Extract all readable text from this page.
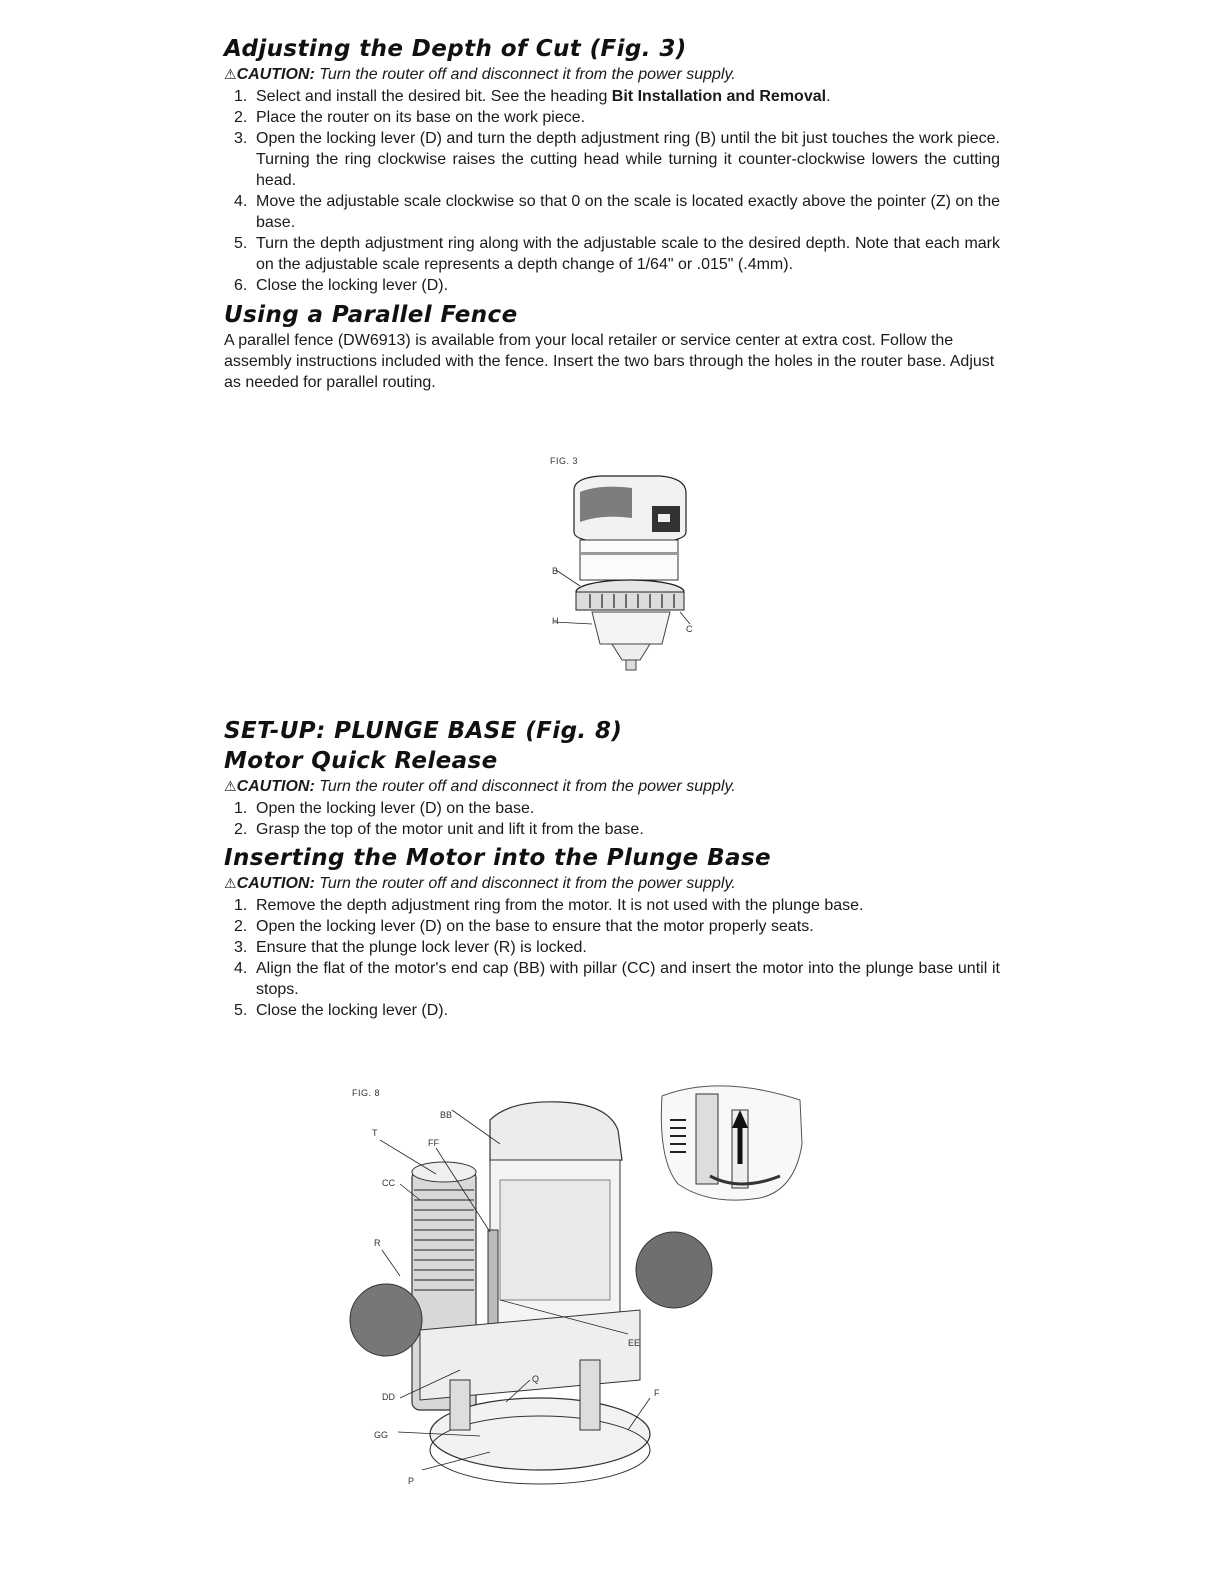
Adjusting the Depth of Cut (Fig. 3)
⚠CAUTION: Turn the router off and disconnect it from the power supply.
1. Select and install the desired bit. See the heading Bit Installation and Removal.
2. Place the router on its base on the work piece.
3. Open the locking lever (D) and turn the depth adjustment ring (B) until the bit just touches the work piece. Turning the ring clockwise raises the cutting head while turning it counter-clockwise lowers the cutting head.
4. Move the adjustable scale clockwise so that 0 on the scale is located exactly above the pointer (Z) on the base.
5. Turn the depth adjustment ring along with the adjustable scale to the desired depth. Note that each mark on the adjustable scale represents a depth change of 1/64" or .015" (.4mm).
6. Close the locking lever (D).
Using a Parallel Fence

A parallel fence (DW6913) is available from your local retailer or service center at extra cost. Follow the assembly instructions included with the fence. Insert the two bars through the holes in the router base. Adjust as needed for parallel routing.

FIG. 3
B
H
C
SET-UP: PLUNGE BASE (Fig. 8)
Motor Quick Release
⚠CAUTION: Turn the router off and disconnect it from the power supply.
1. Open the locking lever (D) on the base.
2. Grasp the top of the motor unit and lift it from the base.
Inserting the Motor into the Plunge Base
⚠CAUTION: Turn the router off and disconnect it from the power supply.
1. Remove the depth adjustment ring from the motor. It is not used with the plunge base.
2. Open the locking lever (D) on the base to ensure that the motor properly seats.
3. Ensure that the plunge lock lever (R) is locked.
4. Align the flat of the motor's end cap (BB) with pillar (CC) and insert the motor into the plunge base until it stops.
5. Close the locking lever (D).
FIG. 8
BB
T
FF
CC
R
EE
Q
DD	F
GG
P
